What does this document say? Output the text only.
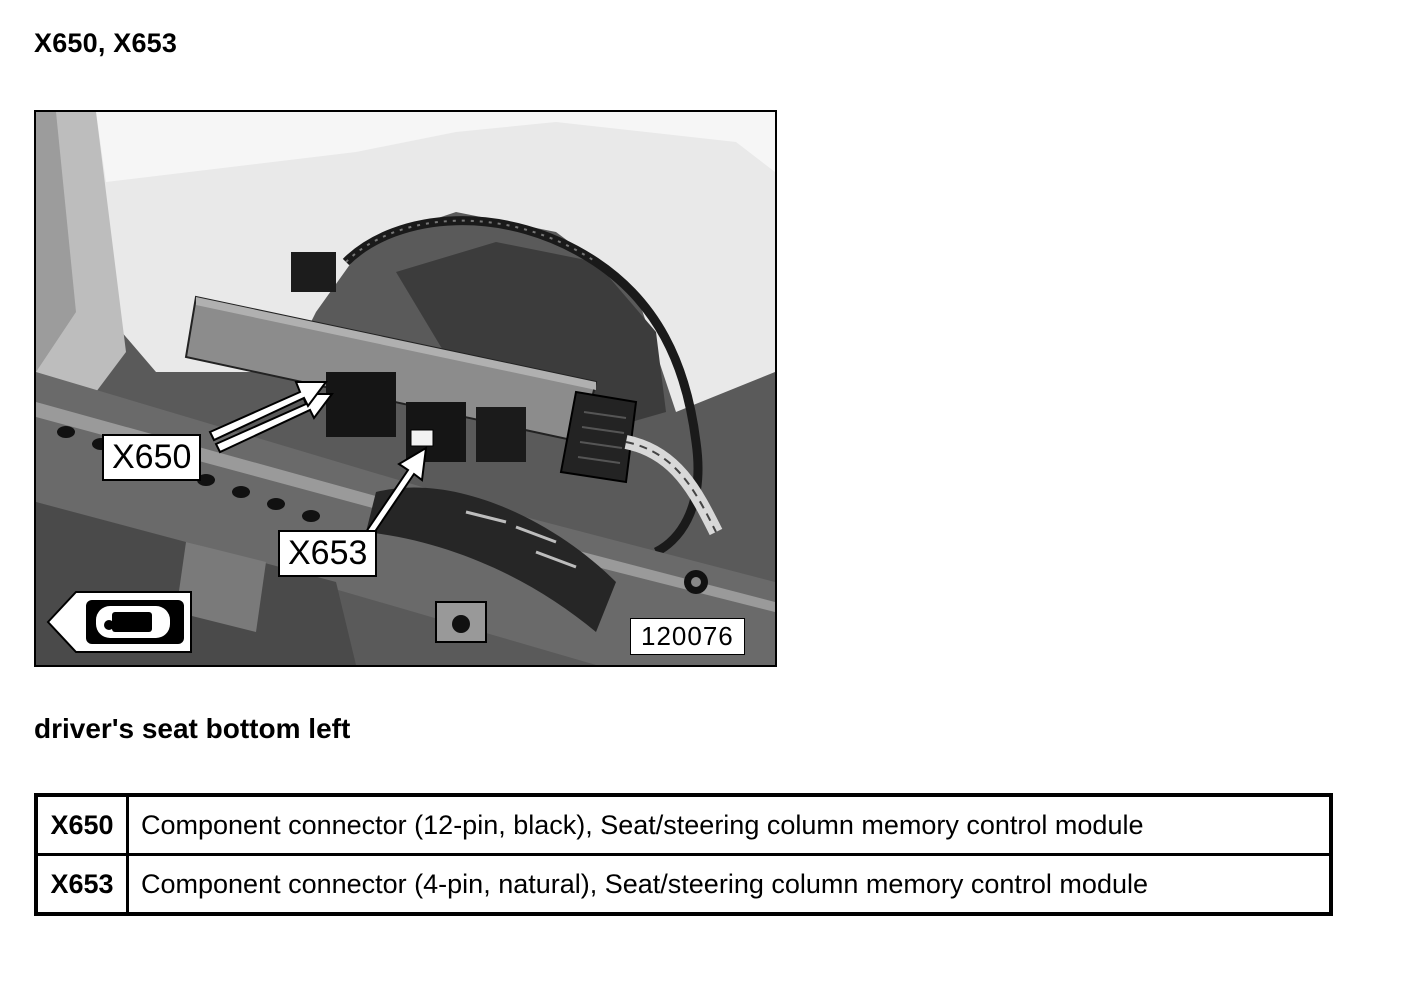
X650, X653
X650
X653
120076
driver's seat bottom left
X650	Component connector (12-pin, black), Seat/steering column memory control module
X653	Component connector (4-pin, natural), Seat/steering column memory control module
